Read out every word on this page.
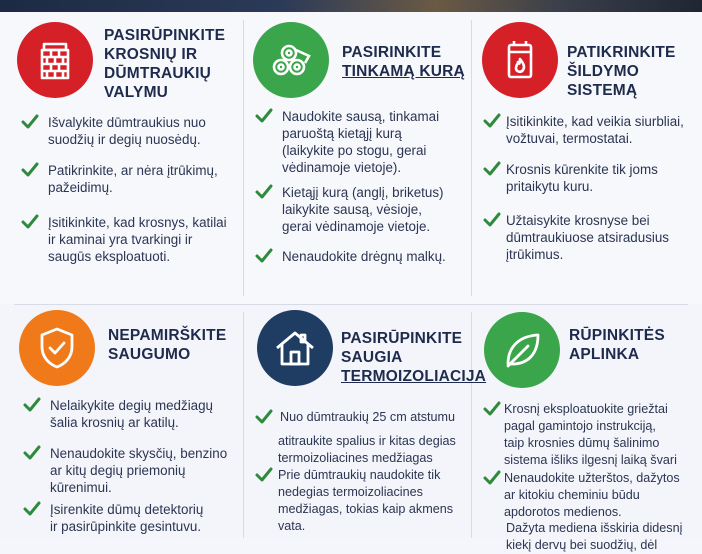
PASIRŪPINKITE
KROSNIŲ IR
DŪMTRAUKIŲ
VALYMU
Išvalykite dūmtraukius nuo
suodžių ir degių nuosėdų.
Patikrinkite, ar nėra įtrūkimų,
pažeidimų.
Įsitikinkite, kad krosnys, katilai
ir kaminai yra tvarkingi ir
saugūs eksploatuoti.
PASIRINKITE
TINKAMĄ KURĄ
Naudokite sausą, tinkamai
paruoštą kietąjį kurą
(laikykite po stogu, gerai
vėdinamoje vietoje).
Kietąjį kurą (anglį, briketus)
laikykite sausą, vėsioje,
gerai vėdinamoje vietoje.
Nenaudokite drėgnų malkų.
PATIKRINKITE
ŠILDYMO SISTEMĄ
Įsitikinkite, kad veikia siurbliai,
vožtuvai, termostatai.
Krosnis kūrenkite tik joms
pritaikytu kuru.
Užtaisykite krosnyse bei
dūmtraukiuose atsiradusius
įtrūkimus.
NEPAMIRŠKITE
SAUGUMO
Nelaikykite degių medžiagų
šalia krosnių ar katilų.
Nenaudokite skysčių, benzino
ar kitų degių priemonių
kūrenimui.
Įsirenkite dūmų detektorių
ir pasirūpinkite gesintuvu.
PASIRŪPINKITE
SAUGIA
TERMOIZOLIACIJA
Nuo dūmtraukių 25 cm atstumu
atitraukite spalius ir kitas degias
termoizoliacines medžiagas
Prie dūmtraukių naudokite tik
nedegias termoizoliacines
medžiagas, tokias kaip akmens
vata.
RŪPINKITĖS
APLINKA
Krosnį eksploatuokite griežtai
pagal gamintojo instrukciją,
taip krosnies dūmų šalinimo
sistema išliks ilgesnį laiką švari
Nenaudokite užterštos, dažytos
ar kitokiu cheminiu būdu
apdorotos medienos.
Dažyta mediena išskiria didesnį
kiekį dervų bei suodžių, dėl
